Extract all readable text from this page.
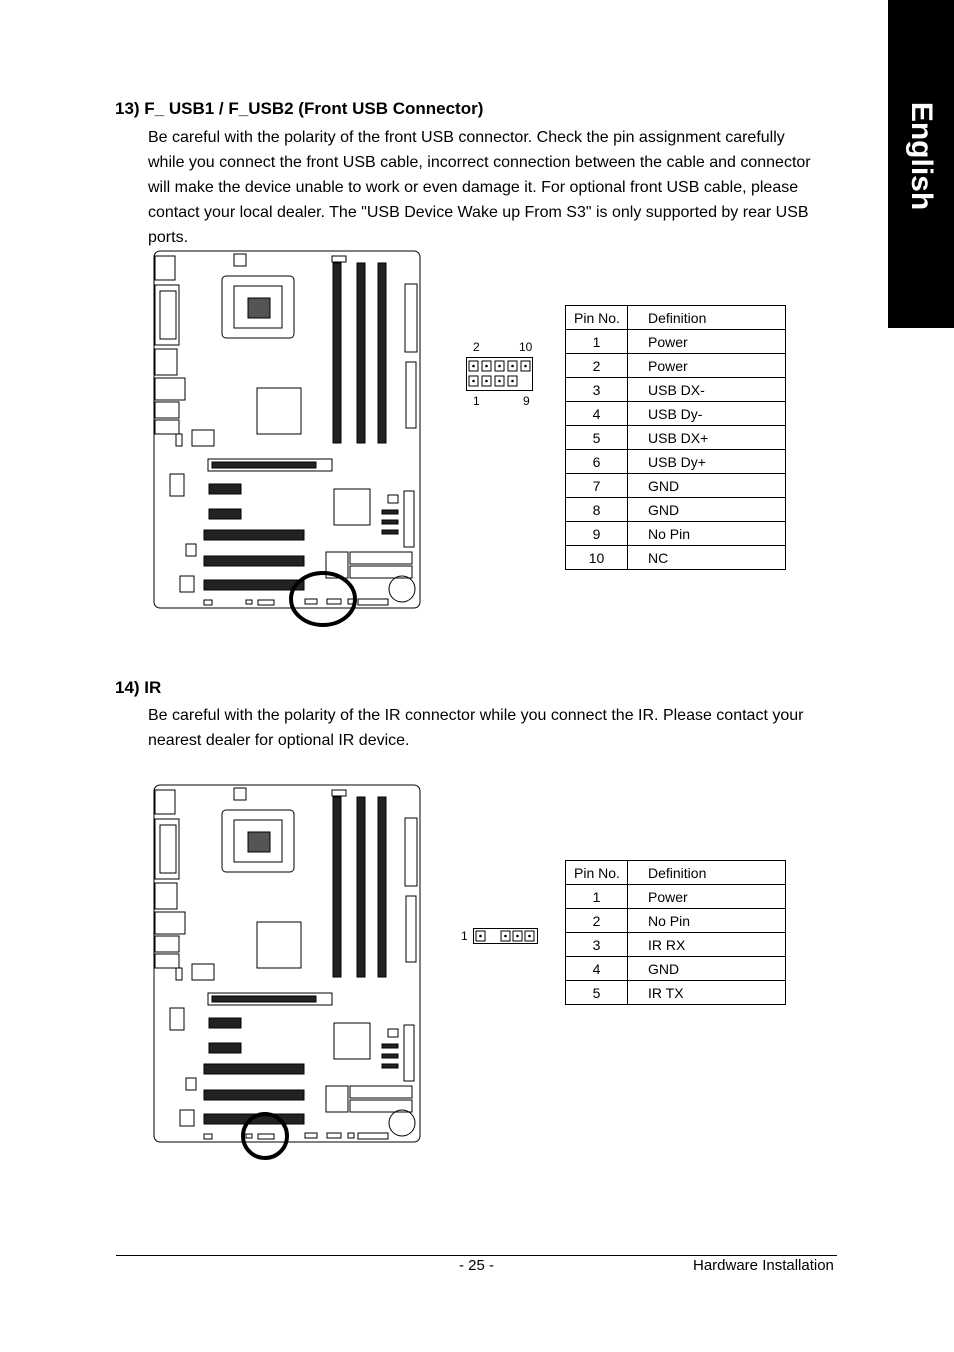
English
13) F_ USB1 / F_USB2 (Front USB Connector)

Be careful with the polarity of the front USB connector. Check the pin assignment carefully while you connect the front USB cable, incorrect connection between the cable and connector will make the device unable to work or even damage it. For optional front USB cable, please contact your local dealer. The "USB Device Wake up From S3" is only supported by rear USB ports.

2	10
1	9
Pin No.	Definition
1	Power
2	Power
3	USB DX-
4	USB Dy-
5	USB DX+
6	USB Dy+
7	GND
8	GND
9	No Pin
10	NC
14) IR

Be careful with the polarity of the IR connector while you connect the IR. Please contact your nearest dealer for optional IR device.

1
Pin No.	Definition
1	Power
2	No Pin
3	IR RX
4	GND
5	IR TX
- 25 -	Hardware Installation
